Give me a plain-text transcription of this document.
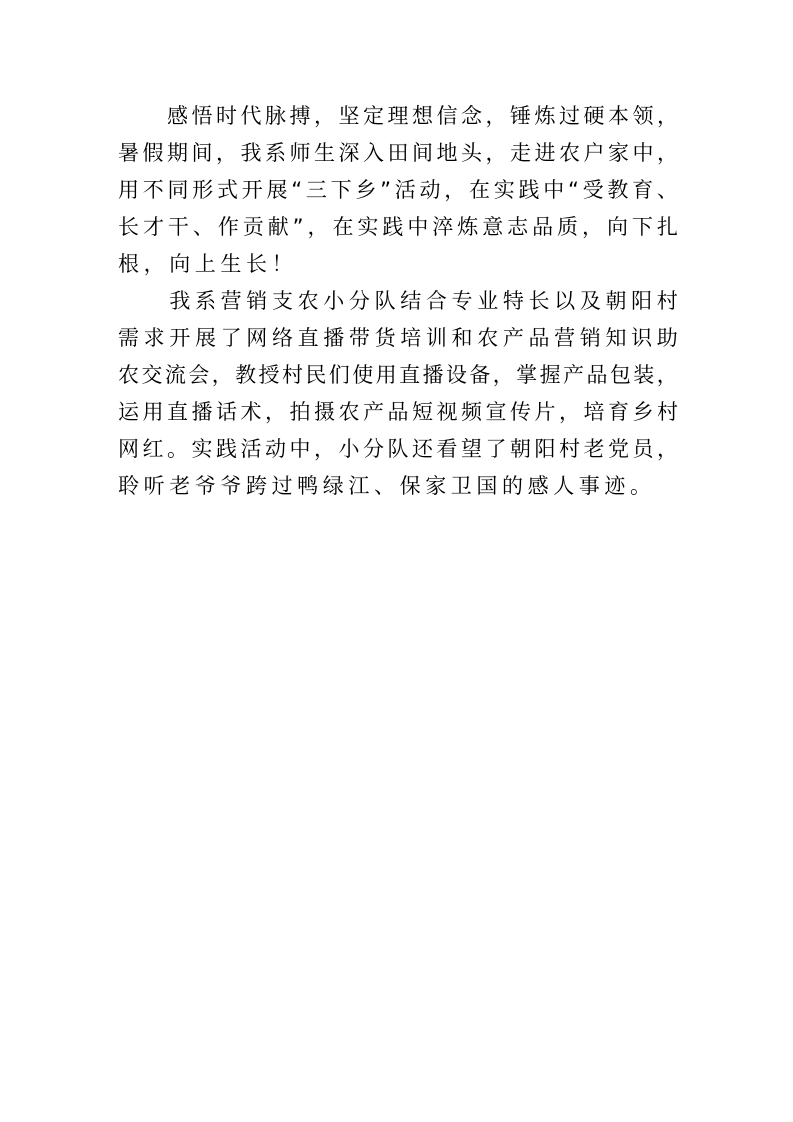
感 悟 时 代 脉 搏 ， 坚 定 理 想 信 念 ， 锤 炼 过 硬 本 领 ，
暑 假 期 间 ， 我 系 师 生 深 入 田 间 地 头 ， 走 进 农 户 家 中 ，
用 不 同 形 式 开 展 “ 三 下 乡 ” 活 动 ， 在 实 践 中 “ 受 教 育 、
长 才 干 、 作 贡 献 ” ， 在 实 践 中 淬 炼 意 志 品 质 ， 向 下 扎
根，向上生长！

我 系 营 销 支 农 小 分 队 结 合 专 业 特 长 以 及 朝 阳 村
需 求 开 展 了 网 络 直 播 带 货 培 训 和 农 产 品 营 销 知 识 助
农 交 流 会 ， 教 授 村 民 们 使 用 直 播 设 备 ， 掌 握 产 品 包 装 ，
运 用 直 播 话 术 ， 拍 摄 农 产 品 短 视 频 宣 传 片 ， 培 育 乡 村
网 红 。 实 践 活 动 中 ， 小 分 队 还 看 望 了 朝 阳 村 老 党 员 ，
聆听老爷爷跨过鸭绿江、保家卫国的感人事迹。
